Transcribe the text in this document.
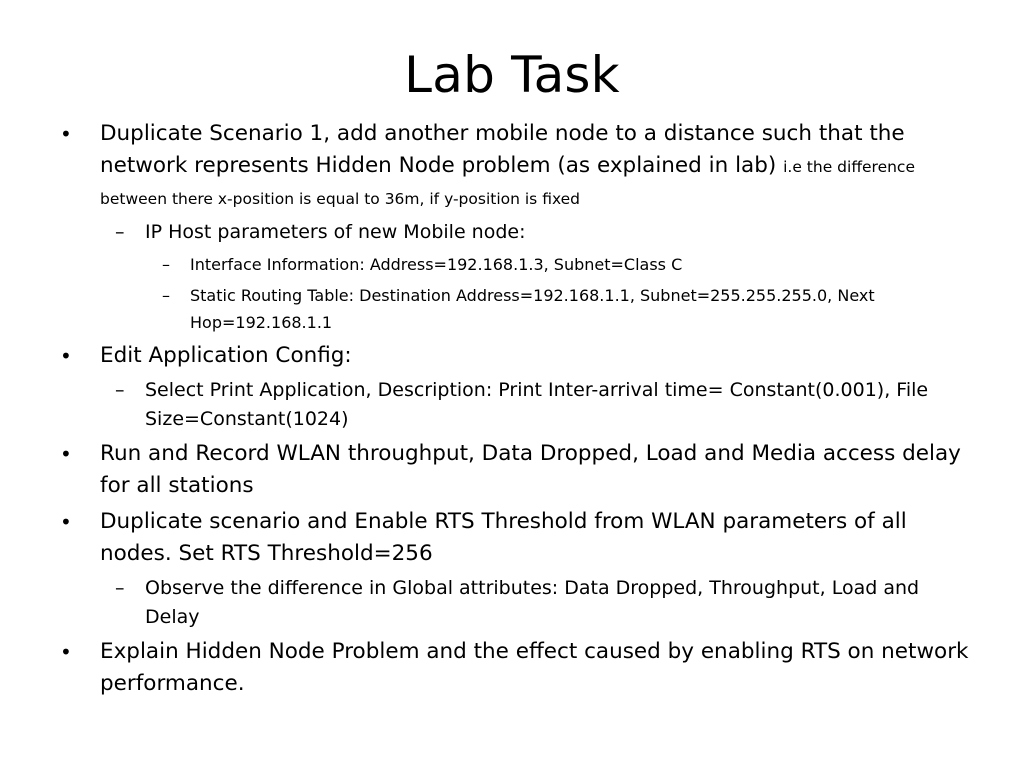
Lab Task
• Duplicate Scenario 1, add another mobile node to a distance such that the network represents Hidden Node problem (as explained in lab) i.e the difference between there x-position is equal to 36m, if y-position is fixed
– IP Host parameters of new Mobile node:
– Interface Information: Address=192.168.1.3, Subnet=Class C
– Static Routing Table: Destination Address=192.168.1.1, Subnet=255.255.255.0, Next Hop=192.168.1.1
• Edit Application Config:
– Select Print Application, Description: Print Inter-arrival time= Constant(0.001), File Size=Constant(1024)
• Run and Record WLAN throughput, Data Dropped, Load and Media access delay for all stations
• Duplicate scenario and Enable RTS Threshold from WLAN parameters of all nodes. Set RTS Threshold=256
– Observe the difference in Global attributes: Data Dropped, Throughput, Load and Delay
• Explain Hidden Node Problem and the effect caused by enabling RTS on network performance.
